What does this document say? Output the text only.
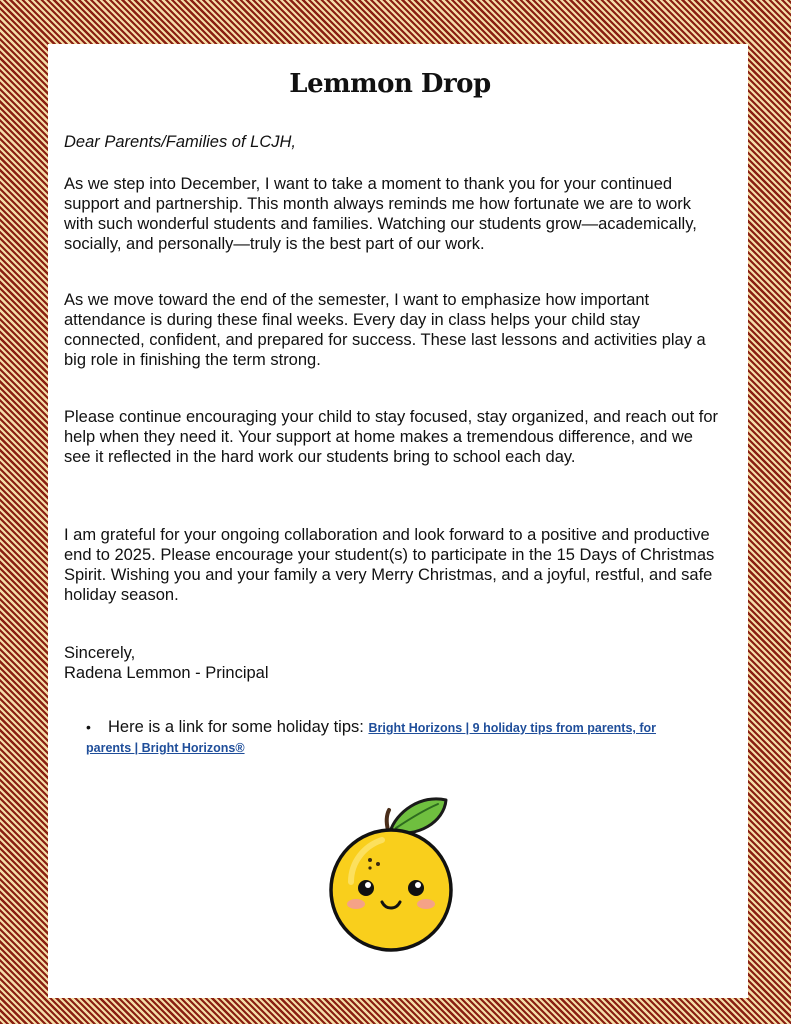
Lemmon Drop
Dear Parents/Families of LCJH,
As we step into December, I want to take a moment to thank you for your continued support and partnership. This month always reminds me how fortunate we are to work with such wonderful students and families. Watching our students grow—academically, socially, and personally—truly is the best part of our work.
As we move toward the end of the semester, I want to emphasize how important attendance is during these final weeks. Every day in class helps your child stay connected, confident, and prepared for success. These last lessons and activities play a big role in finishing the term strong.
Please continue encouraging your child to stay focused, stay organized, and reach out for help when they need it. Your support at home makes a tremendous difference, and we see it reflected in the hard work our students bring to school each day.
I am grateful for your ongoing collaboration and look forward to a positive and productive end to 2025. Please encourage your student(s) to participate in the 15 Days of Christmas Spirit. Wishing you and your family a very Merry Christmas, and a joyful, restful, and safe holiday season.
Sincerely,
Radena Lemmon - Principal
• Here is a link for some holiday tips: Bright Horizons | 9 holiday tips from parents, for
parents | Bright Horizons®
